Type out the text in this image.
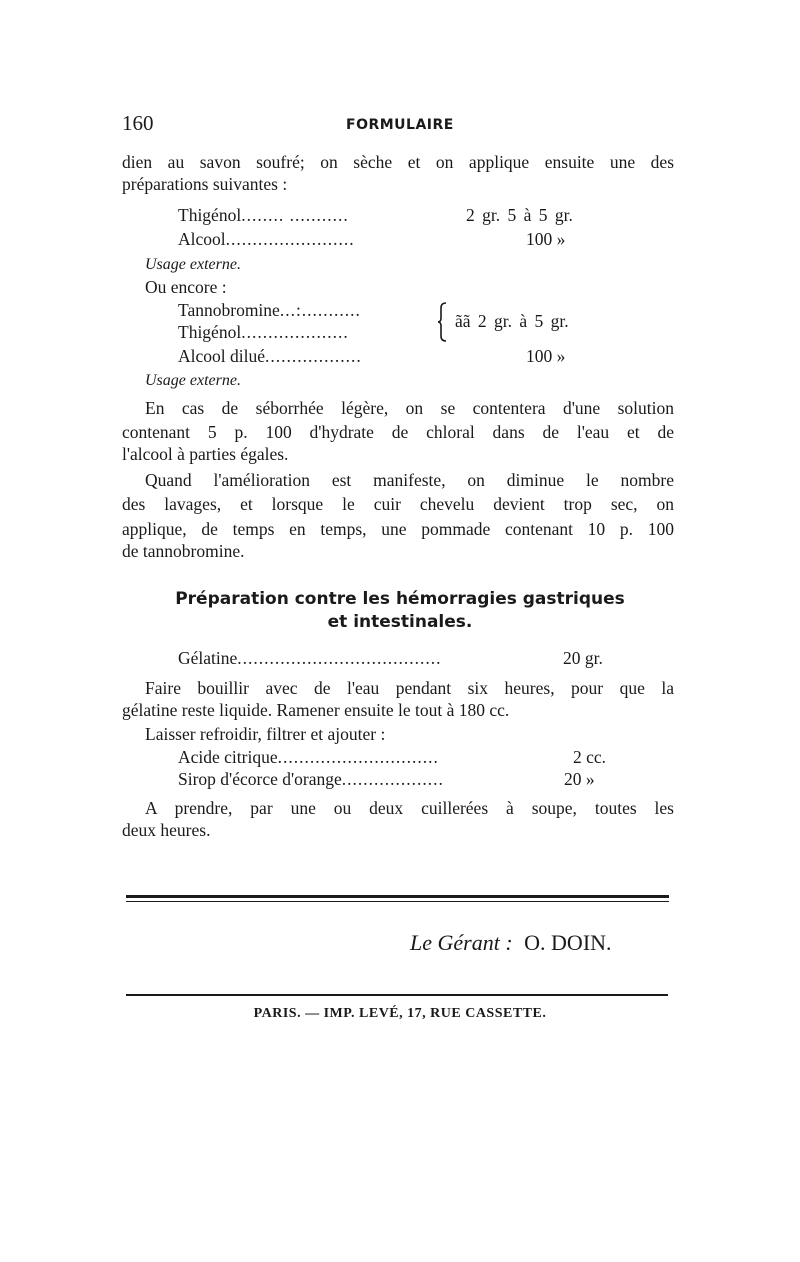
160	FORMULAIRE
dien au savon soufré; on sèche et on applique ensuite une des
préparations suivantes :
Thigénol........ ...........	2 gr. 5 à 5 gr.
Alcool........................	100 »
Usage externe.
Ou encore :
Tannobromine...:...........
Thigénol....................
ãã 2 gr. à 5 gr.
Alcool dilué..................	100 »
Usage externe.
En cas de séborrhée légère, on se contentera d'une solution
contenant 5 p. 100 d'hydrate de chloral dans de l'eau et de
l'alcool à parties égales.
Quand l'amélioration est manifeste, on diminue le nombre
des lavages, et lorsque le cuir chevelu devient trop sec, on
applique, de temps en temps, une pommade contenant 10 p. 100
de tannobromine.
Préparation contre les hémorragies gastriques
et intestinales.
Gélatine......................................	20 gr.
Faire bouillir avec de l'eau pendant six heures, pour que la
gélatine reste liquide. Ramener ensuite le tout à 180 cc.
Laisser refroidir, filtrer et ajouter :
Acide citrique..............................	2 cc.
Sirop d'écorce d'orange...................	20 »
A prendre, par une ou deux cuillerées à soupe, toutes les
deux heures.
Le Gérant : O. DOIN.
PARIS. — IMP. LEVÉ, 17, RUE CASSETTE.
